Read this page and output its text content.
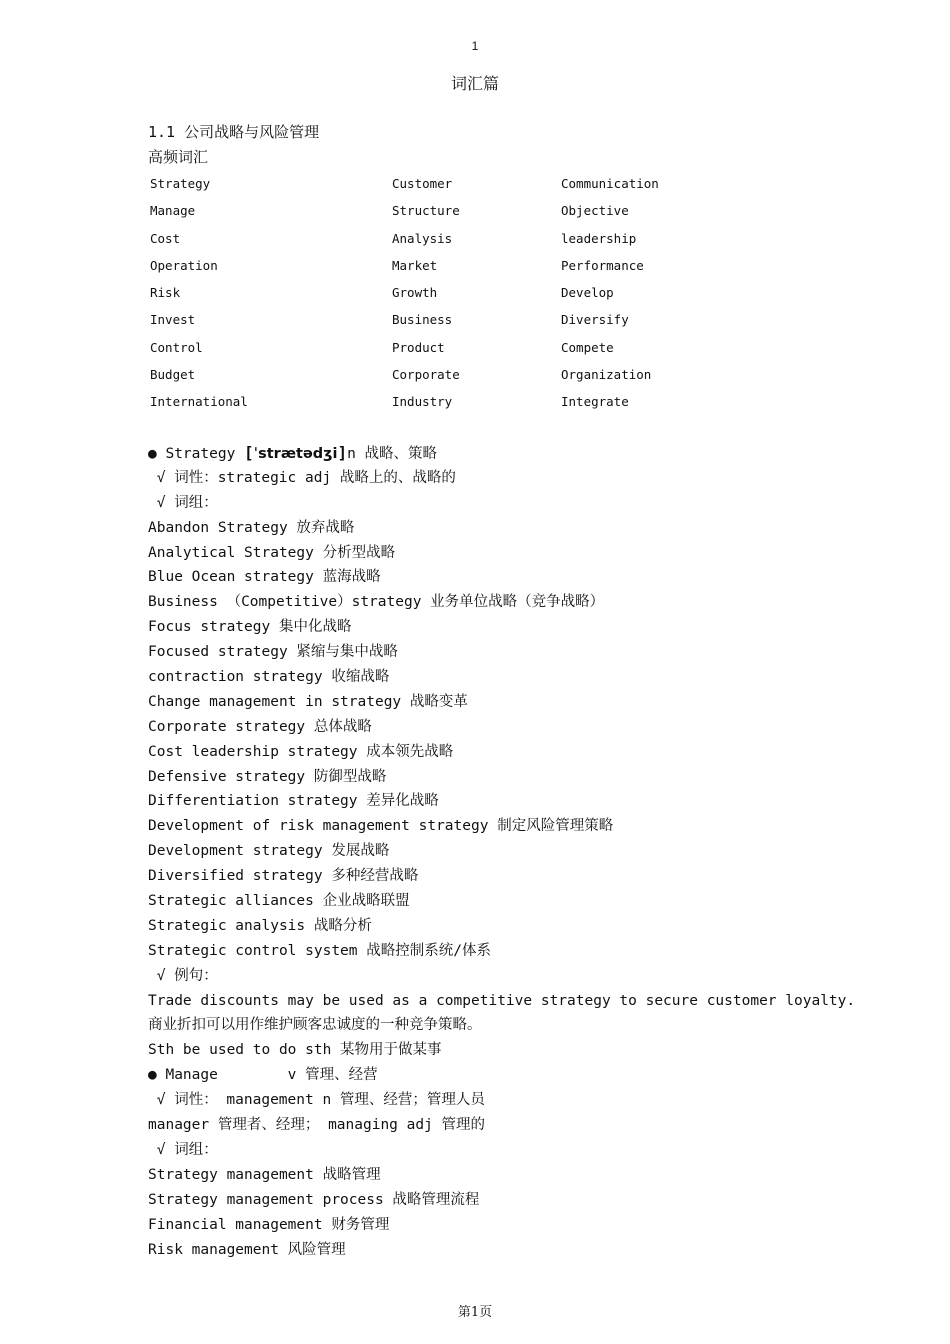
1
词汇篇
1.1 公司战略与风险管理
高频词汇
Strategy	Customer	Communication
Manage	Structure	Objective
Cost	Analysis	leadership
Operation	Market	Performance
Risk	Growth	Develop
Invest	Business	Diversify
Control	Product	Compete
Budget	Corporate	Organization
International	Industry	Integrate
● Strategy [ˈstrætədʒi]n 战略、策略
√ 词性：strategic adj 战略上的、战略的
√ 词组：
Abandon Strategy 放弃战略
Analytical Strategy 分析型战略
Blue Ocean strategy 蓝海战略
Business （Competitive）strategy 业务单位战略（竞争战略）
Focus strategy 集中化战略
Focused strategy 紧缩与集中战略
contraction strategy 收缩战略
Change management in strategy 战略变革
Corporate strategy 总体战略
Cost leadership strategy 成本领先战略
Defensive strategy 防御型战略
Differentiation strategy 差异化战略
Development of risk management strategy 制定风险管理策略
Development strategy 发展战略
Diversified strategy 多种经营战略
Strategic alliances 企业战略联盟
Strategic analysis 战略分析
Strategic control system 战略控制系统/体系
√ 例句：
Trade discounts may be used as a competitive strategy to secure customer loyalty.
商业折扣可以用作维护顾客忠诚度的一种竞争策略。
Sth be used to do sth 某物用于做某事
● Manage        v 管理、经营
√ 词性： management n 管理、经营；管理人员
manager 管理者、经理； managing adj 管理的
√ 词组：
Strategy management 战略管理
Strategy management process 战略管理流程
Financial management 财务管理
Risk management 风险管理
第1页
